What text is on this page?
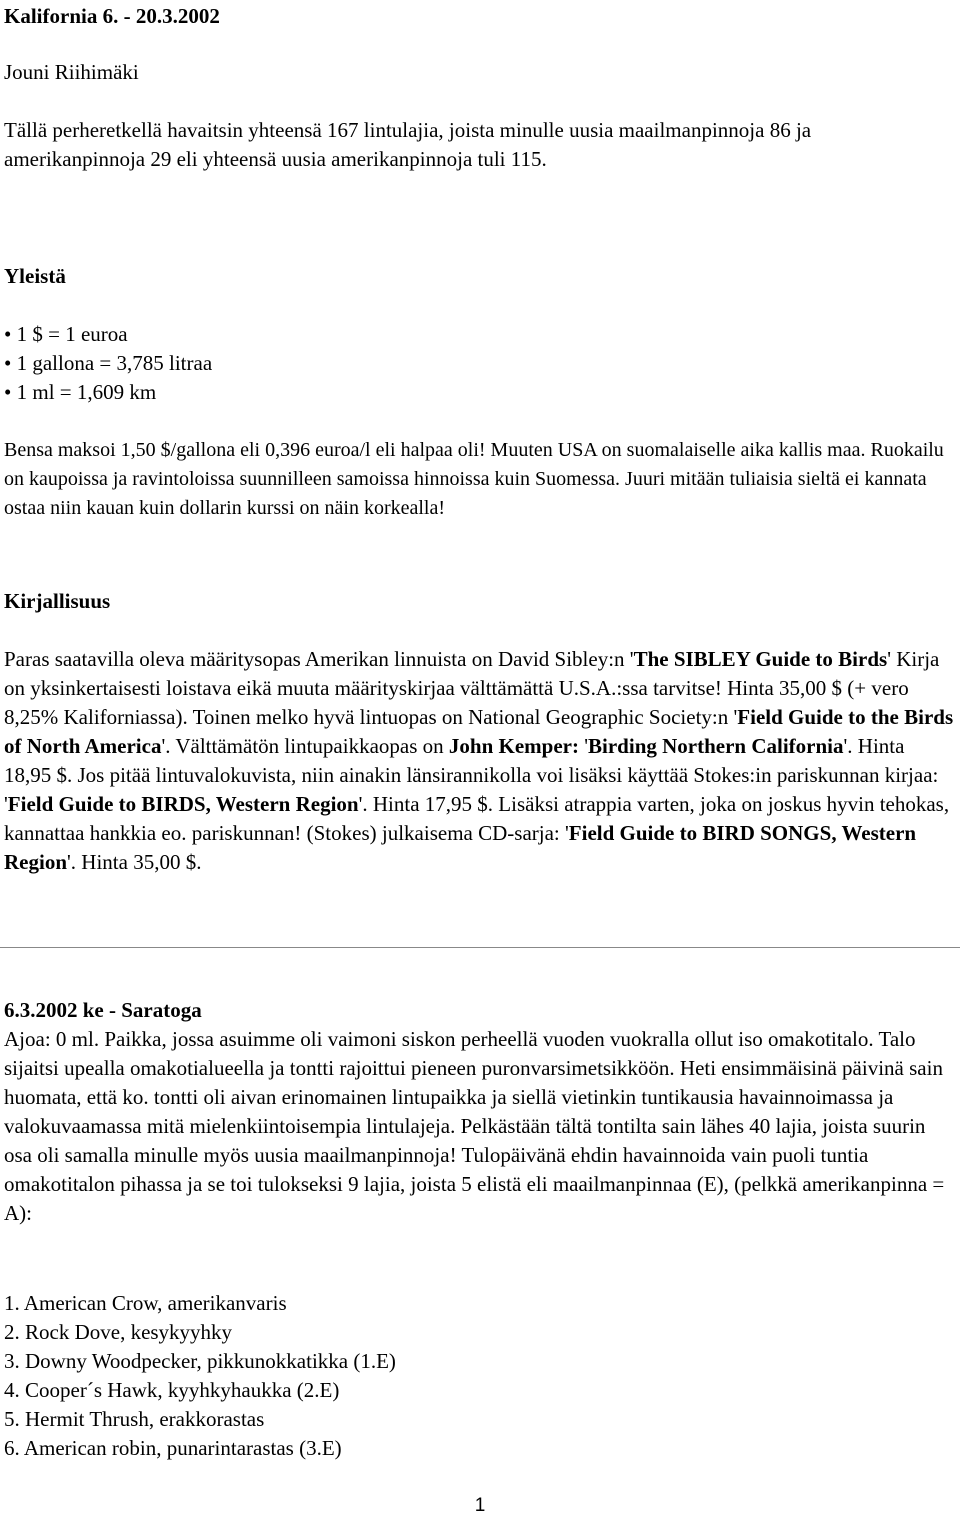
Kalifornia 6. - 20.3.2002
Jouni Riihimäki
Tällä perheretkellä havaitsin yhteensä 167 lintulajia, joista minulle uusia maailmanpinnoja 86 ja amerikanpinnoja 29 eli yhteensä uusia amerikanpinnoja tuli 115.
Yleistä
• 1 $ = 1 euroa
• 1 gallona = 3,785 litraa
• 1 ml = 1,609 km
Bensa maksoi 1,50 $/gallona eli 0,396 euroa/l eli halpaa oli! Muuten USA on suomalaiselle aika kallis maa. Ruokailu on kaupoissa ja ravintoloissa suunnilleen samoissa hinnoissa kuin Suomessa. Juuri mitään tuliaisia sieltä ei kannata ostaa niin kauan kuin dollarin kurssi on näin korkealla!
Kirjallisuus
Paras saatavilla oleva määritysopas Amerikan linnuista on David Sibley:n 'The SIBLEY Guide to Birds' Kirja on yksinkertaisesti loistava eikä muuta määrityskirjaa välttämättä U.S.A.:ssa tarvitse! Hinta 35,00 $ (+ vero 8,25% Kaliforniassa). Toinen melko hyvä lintuopas on National Geographic Society:n 'Field Guide to the Birds of North America'. Välttämätön lintupaikkaopas on John Kemper: 'Birding Northern California'. Hinta 18,95 $. Jos pitää lintuvalokuvista, niin ainakin länsirannikolla voi lisäksi käyttää Stokes:in pariskunnan kirjaa: 'Field Guide to BIRDS, Western Region'. Hinta 17,95 $. Lisäksi atrappia varten, joka on joskus hyvin tehokas, kannattaa hankkia eo. pariskunnan! (Stokes) julkaisema CD-sarja: 'Field Guide to BIRD SONGS, Western Region'. Hinta 35,00 $.
6.3.2002 ke - Saratoga
Ajoa: 0 ml. Paikka, jossa asuimme oli vaimoni siskon perheellä vuoden vuokralla ollut iso omakotitalo. Talo sijaitsi upealla omakotialueella ja tontti rajoittui pieneen puronvarsimetsikköön. Heti ensimmäisinä päivinä sain huomata, että ko. tontti oli aivan erinomainen lintupaikka ja siellä vietinkin tuntikausia havainnoimassa ja valokuvaamassa mitä mielenkiintoisempia lintulajeja. Pelkästään tältä tontilta sain lähes 40 lajia, joista suurin osa oli samalla minulle myös uusia maailmanpinnoja! Tulopäivänä ehdin havainnoida vain puoli tuntia omakotitalon pihassa ja se toi tulokseksi 9 lajia, joista 5 elistä eli maailmanpinnaa (E), (pelkkä amerikanpinna = A):
1. American Crow, amerikanvaris
2. Rock Dove, kesykyyhky
3. Downy Woodpecker, pikkunokkatikka (1.E)
4. Cooper´s Hawk, kyyhkyhaukka (2.E)
5. Hermit Thrush, erakkorastas
6. American robin, punarintarastas (3.E)
1
